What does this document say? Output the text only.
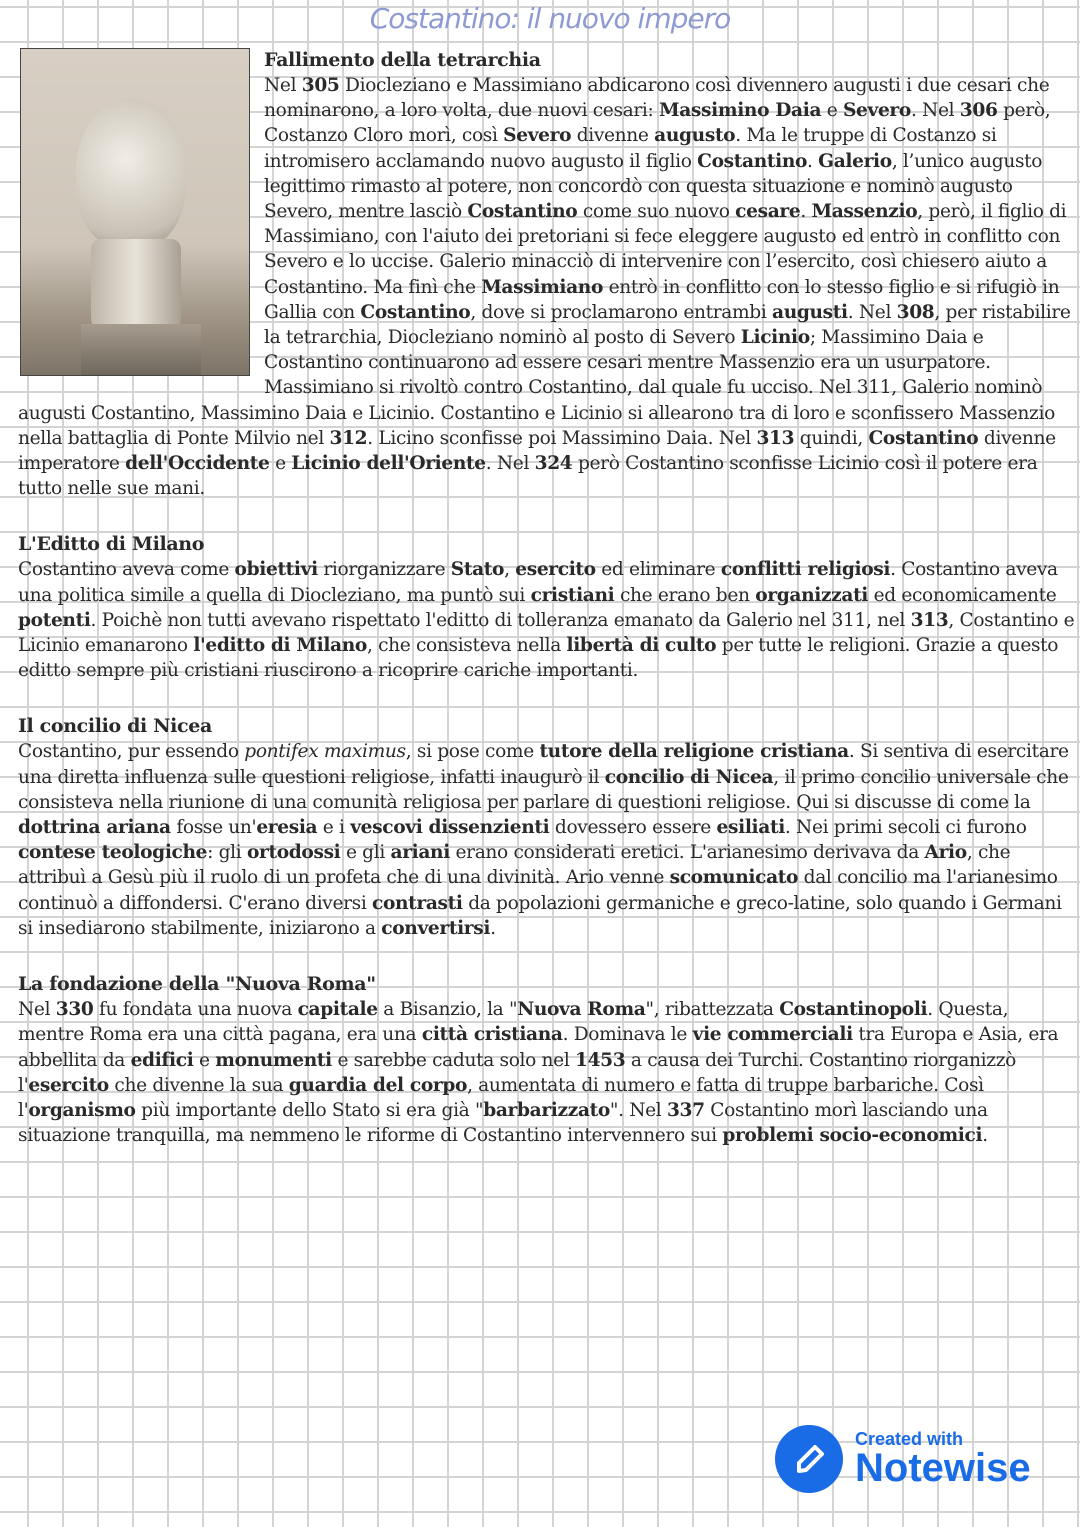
Costantino: il nuovo impero
Fallimento della tetrarchia

Nel 305 Diocleziano e Massimiano abdicarono così divennero augusti i due cesari che nominarono, a loro volta, due nuovi cesari: Massimino Daia e Severo. Nel 306 però, Costanzo Cloro morì, così Severo divenne augusto. Ma le truppe di Costanzo si intromisero acclamando nuovo augusto il figlio Costantino. Galerio, l’unico augusto legittimo rimasto al potere, non concordò con questa situazione e nominò augusto Severo, mentre lasciò Costantino come suo nuovo cesare. Massenzio, però, il figlio di Massimiano, con l'aiuto dei pretoriani si fece eleggere augusto ed entrò in conflitto con Severo e lo uccise. Galerio minacciò di intervenire con l’esercito, così chiesero aiuto a Costantino. Ma finì che Massimiano entrò in conflitto con lo stesso figlio e si rifugiò in Gallia con Costantino, dove si proclamarono entrambi augusti. Nel 308, per ristabilire la tetrarchia, Diocleziano nominò al posto di Severo Licinio; Massimino Daia e Costantino continuarono ad essere cesari mentre Massenzio era un usurpatore. Massimiano si rivoltò contro Costantino, dal quale fu ucciso. Nel 311, Galerio nominò augusti Costantino, Massimino Daia e Licinio. Costantino e Licinio si allearono tra di loro e sconfissero Massenzio nella battaglia di Ponte Milvio nel 312. Licino sconfisse poi Massimino Daia. Nel 313 quindi, Costantino divenne imperatore dell'Occidente e Licinio dell'Oriente. Nel 324 però Costantino sconfisse Licinio così il potere era tutto nelle sue mani.

L'Editto di Milano

Costantino aveva come obiettivi riorganizzare Stato, esercito ed eliminare conflitti religiosi. Costantino aveva una politica simile a quella di Diocleziano, ma puntò sui cristiani che erano ben organizzati ed economicamente potenti. Poichè non tutti avevano rispettato l'editto di tolleranza emanato da Galerio nel 311, nel 313, Costantino e Licinio emanarono l'editto di Milano, che consisteva nella libertà di culto per tutte le religioni. Grazie a questo editto sempre più cristiani riuscirono a ricoprire cariche importanti.

Il concilio di Nicea

Costantino, pur essendo pontifex maximus, si pose come tutore della religione cristiana. Si sentiva di esercitare una diretta influenza sulle questioni religiose, infatti inaugurò il concilio di Nicea, il primo concilio universale che consisteva nella riunione di una comunità religiosa per parlare di questioni religiose. Qui si discusse di come la dottrina ariana fosse un'eresia e i vescovi dissenzienti dovessero essere esiliati. Nei primi secoli ci furono contese teologiche: gli ortodossi e gli ariani erano considerati eretici. L'arianesimo derivava da Ario, che attribuì a Gesù più il ruolo di un profeta che di una divinità. Ario venne scomunicato dal concilio ma l'arianesimo continuò a diffondersi. C'erano diversi contrasti da popolazioni germaniche e greco-latine, solo quando i Germani si insediarono stabilmente, iniziarono a convertirsi.

La fondazione della "Nuova Roma"

Nel 330 fu fondata una nuova capitale a Bisanzio, la "Nuova Roma", ribattezzata Costantinopoli. Questa, mentre Roma era una città pagana, era una città cristiana. Dominava le vie commerciali tra Europa e Asia, era abbellita da edifici e monumenti e sarebbe caduta solo nel 1453 a causa dei Turchi. Costantino riorganizzò l'esercito che divenne la sua guardia del corpo, aumentata di numero e fatta di truppe barbariche. Così l'organismo più importante dello Stato si era già "barbarizzato". Nel 337 Costantino morì lasciando una situazione tranquilla, ma nemmeno le riforme di Costantino intervennero sui problemi socio-economici.

Created with
Notewise
